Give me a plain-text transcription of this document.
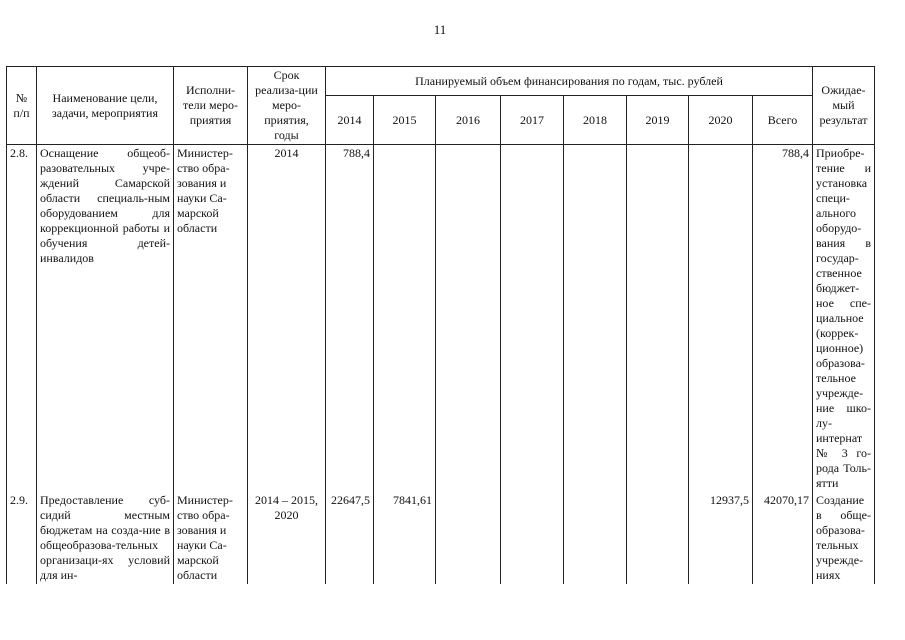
11
№ п/п	Наименование цели, задачи, мероприятия	Исполни-тели меро-приятия	Срок реализа-ции меро-приятия, годы	Планируемый объем финансирования по годам, тыс. рублей								Ожидае-мый результат
				2014	2015	2016	2017	2018	2019	2020	Всего	
2.8.	Оснащение общеоб-разовательных учре-ждений Самарской области специаль-ным оборудованием для коррекционной работы и обучения детей-инвалидов	Министер-ство обра-зования и науки Са-марской области	2014	788,4							788,4	Приобре-тение и установка специ-ального оборудо-вания в государ-ственное бюджет-ное спе-циальное (коррек-ционное) образова-тельное учрежде-ние шко-лу-интернат № 3 го-рода Толь-ятти
2.9.	Предоставление суб-сидий местным бюджетам на созда-ние в общеобразова-тельных организаци-ях условий для ин-	Министер-ство обра-зования и науки Са-марской области	2014 – 2015, 2020	22647,5	7841,61					12937,5	42070,17	Создание в обще-образова-тельных учрежде-ниях
